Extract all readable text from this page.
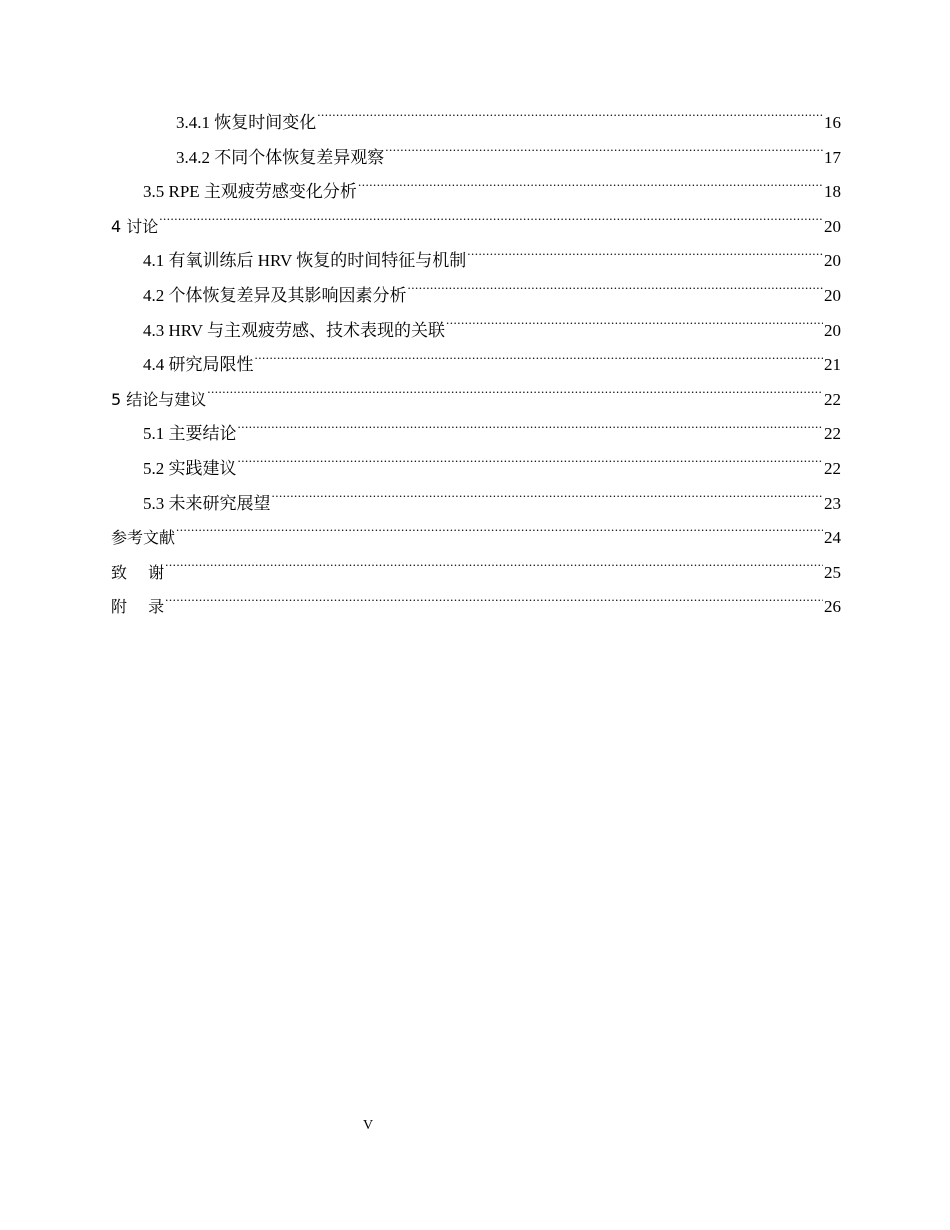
3.4.1 恢复时间变化 .....	16
3.4.2 不同个体恢复差异观察 .....	17
3.5 RPE 主观疲劳感变化分析 .....	18
4 讨论 .....	20
4.1 有氧训练后 HRV 恢复的时间特征与机制 .....	20
4.2 个体恢复差异及其影响因素分析 .....	20
4.3 HRV 与主观疲劳感、技术表现的关联 .....	20
4.4 研究局限性 .....	21
5 结论与建议 .....	22
5.1 主要结论 .....	22
5.2 实践建议 .....	22
5.3 未来研究展望 .....	23
参考文献 .....	24
致　 谢 .....	25
附　 录 .....	26
V
